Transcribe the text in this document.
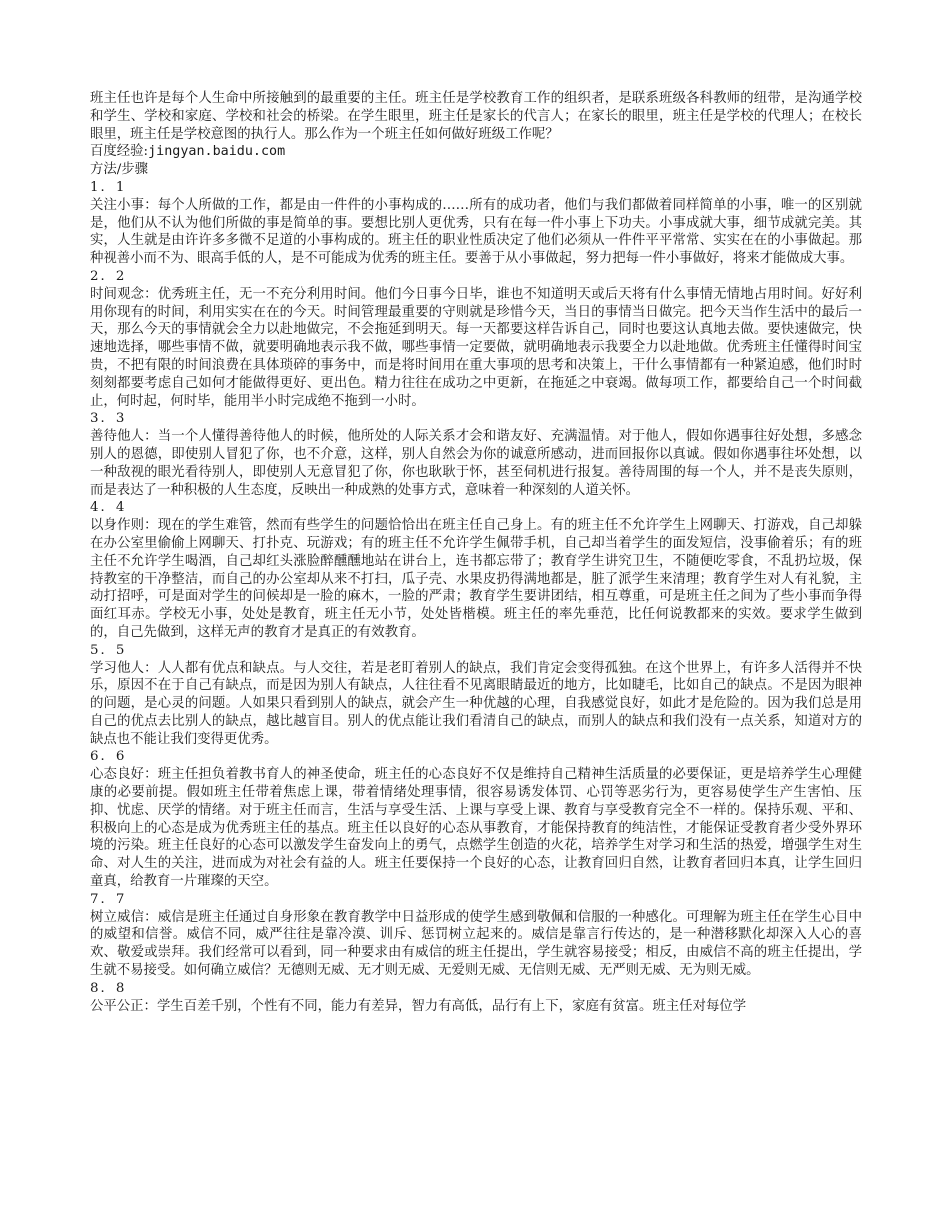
班主任也许是每个人生命中所接触到的最重要的主任。班主任是学校教育工作的组织者，是联系班级各科教师的纽带，是沟通学校和学生、学校和家庭、学校和社会的桥梁。在学生眼里，班主任是家长的代言人；在家长的眼里，班主任是学校的代理人；在校长眼里，班主任是学校意图的执行人。那么作为一个班主任如何做好班级工作呢？

百度经验:jingyan.baidu.com

方法/步骤

1．1

关注小事：每个人所做的工作，都是由一件件的小事构成的……所有的成功者，他们与我们都做着同样简单的小事，唯一的区别就是，他们从不认为他们所做的事是简单的事。要想比别人更优秀，只有在每一件小事上下功夫。小事成就大事，细节成就完美。其实，人生就是由许许多多微不足道的小事构成的。班主任的职业性质决定了他们必须从一件件平平常常、实实在在的小事做起。那种视善小而不为、眼高手低的人，是不可能成为优秀的班主任。要善于从小事做起，努力把每一件小事做好，将来才能做成大事。

2．2

时间观念：优秀班主任，无一不充分利用时间。他们今日事今日毕，谁也不知道明天或后天将有什么事情无情地占用时间。好好利用你现有的时间，利用实实在在的今天。时间管理最重要的守则就是珍惜今天，当日的事情当日做完。把今天当作生活中的最后一天，那么今天的事情就会全力以赴地做完，不会拖延到明天。每一天都要这样告诉自己，同时也要这认真地去做。要快速做完，快速地选择，哪些事情不做，就要明确地表示我不做，哪些事情一定要做，就明确地表示我要全力以赴地做。优秀班主任懂得时间宝贵，不把有限的时间浪费在具体琐碎的事务中，而是将时间用在重大事项的思考和决策上，干什么事情都有一种紧迫感，他们时时刻刻都要考虑自己如何才能做得更好、更出色。精力往往在成功之中更新，在拖延之中衰竭。做每项工作，都要给自己一个时间截止，何时起，何时毕，能用半小时完成绝不拖到一小时。

3．3

善待他人：当一个人懂得善待他人的时候，他所处的人际关系才会和谐友好、充满温情。对于他人，假如你遇事往好处想，多感念别人的恩德，即使别人冒犯了你，也不介意，这样，别人自然会为你的诚意所感动，进而回报你以真诚。假如你遇事往坏处想，以一种敌视的眼光看待别人，即使别人无意冒犯了你，你也耿耿于怀，甚至伺机进行报复。善待周围的每一个人，并不是丧失原则，而是表达了一种积极的人生态度，反映出一种成熟的处事方式，意味着一种深刻的人道关怀。

4．4

以身作则：现在的学生难管，然而有些学生的问题恰恰出在班主任自己身上。有的班主任不允许学生上网聊天、打游戏，自己却躲在办公室里偷偷上网聊天、打扑克、玩游戏；有的班主任不允许学生佩带手机，自己却当着学生的面发短信，没事偷着乐；有的班主任不允许学生喝酒，自己却红头涨脸醉醺醺地站在讲台上，连书都忘带了；教育学生讲究卫生，不随便吃零食，不乱扔垃圾，保持教室的干净整洁，而自己的办公室却从来不打扫，瓜子壳、水果皮扔得满地都是，脏了派学生来清理；教育学生对人有礼貌，主动打招呼，可是面对学生的问候却是一脸的麻木，一脸的严肃；教育学生要讲团结，相互尊重，可是班主任之间为了些小事而争得面红耳赤。学校无小事，处处是教育，班主任无小节，处处皆楷模。班主任的率先垂范，比任何说教都来的实效。要求学生做到的，自己先做到，这样无声的教育才是真正的有效教育。

5．5

学习他人：人人都有优点和缺点。与人交往，若是老盯着别人的缺点，我们肯定会变得孤独。在这个世界上，有许多人活得并不快乐，原因不在于自己有缺点，而是因为别人有缺点，人往往看不见离眼睛最近的地方，比如睫毛，比如自己的缺点。不是因为眼神的问题，是心灵的问题。人如果只看到别人的缺点，就会产生一种优越的心理，自我感觉良好，如此才是危险的。因为我们总是用自己的优点去比别人的缺点，越比越盲目。别人的优点能让我们看清自己的缺点，而别人的缺点和我们没有一点关系，知道对方的缺点也不能让我们变得更优秀。

6．6

心态良好：班主任担负着教书育人的神圣使命，班主任的心态良好不仅是维持自己精神生活质量的必要保证，更是培养学生心理健康的必要前提。假如班主任带着焦虑上课，带着情绪处理事情，很容易诱发体罚、心罚等恶劣行为，更容易使学生产生害怕、压抑、忧虑、厌学的情绪。对于班主任而言，生活与享受生活、上课与享受上课、教育与享受教育完全不一样的。保持乐观、平和、积极向上的心态是成为优秀班主任的基点。班主任以良好的心态从事教育，才能保持教育的纯洁性，才能保证受教育者少受外界环境的污染。班主任良好的心态可以激发学生奋发向上的勇气，点燃学生创造的火花，培养学生对学习和生活的热爱，增强学生对生命、对人生的关注，进而成为对社会有益的人。班主任要保持一个良好的心态，让教育回归自然，让教育者回归本真，让学生回归童真，给教育一片璀璨的天空。

7．7

树立威信：威信是班主任通过自身形象在教育教学中日益形成的使学生感到敬佩和信服的一种感化。可理解为班主任在学生心目中的威望和信誉。威信不同，威严往往是靠冷漠、训斥、惩罚树立起来的。威信是靠言行传达的，是一种潜移默化却深入人心的喜欢、敬爱或崇拜。我们经常可以看到，同一种要求由有威信的班主任提出，学生就容易接受；相反，由威信不高的班主任提出，学生就不易接受。如何确立威信？无德则无威、无才则无威、无爱则无威、无信则无威、无严则无威、无为则无威。

8．8

公平公正：学生百差千别，个性有不同，能力有差异，智力有高低，品行有上下，家庭有贫富。班主任对每位学
